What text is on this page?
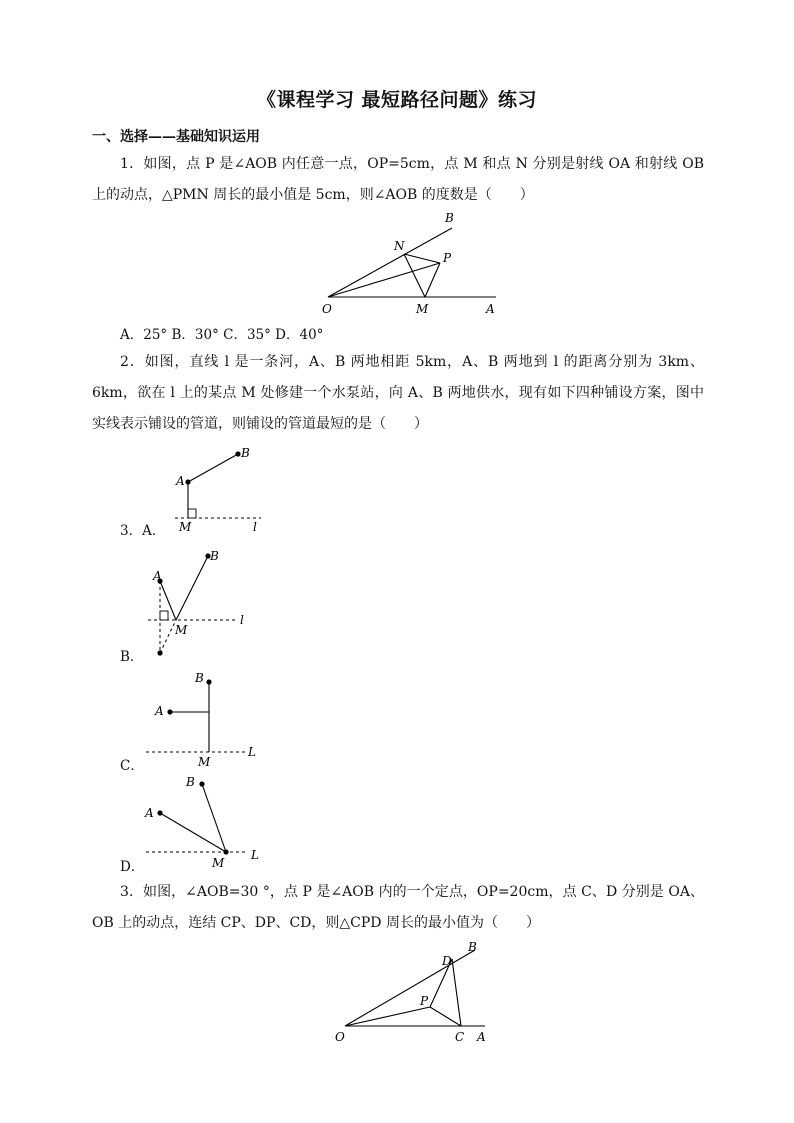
《课程学习 最短路径问题》练习
一、选择——基础知识运用
1．如图，点 P 是∠AOB 内任意一点，OP=5cm，点 M 和点 N 分别是射线 OA 和射线 OB 上的动点，△PMN 周长的最小值是 5cm，则∠AOB 的度数是（　　）
O	A
B
M
N
P
A．25° B．30° C．35° D．40°
2．如图，直线 l 是一条河，A、B 两地相距 5km，A、B 两地到 l 的距离分别为 3km、6km，欲在 l 上的某点 M 处修建一个水泵站，向 A、B 两地供水，现有如下四种铺设方案，图中实线表示铺设的管道，则铺设的管道最短的是（　　）
3．A．
A
B
M	l
B．
A
B
M
l
C．
A
B
M
L
D．
A
B
M
L
3．如图，∠AOB=30 °，点 P 是∠AOB 内的一个定点，OP=20cm，点 C、D 分别是 OA、OB 上的动点，连结 CP、DP、CD，则△CPD 周长的最小值为（　　）
O	A
B
C
D
P
